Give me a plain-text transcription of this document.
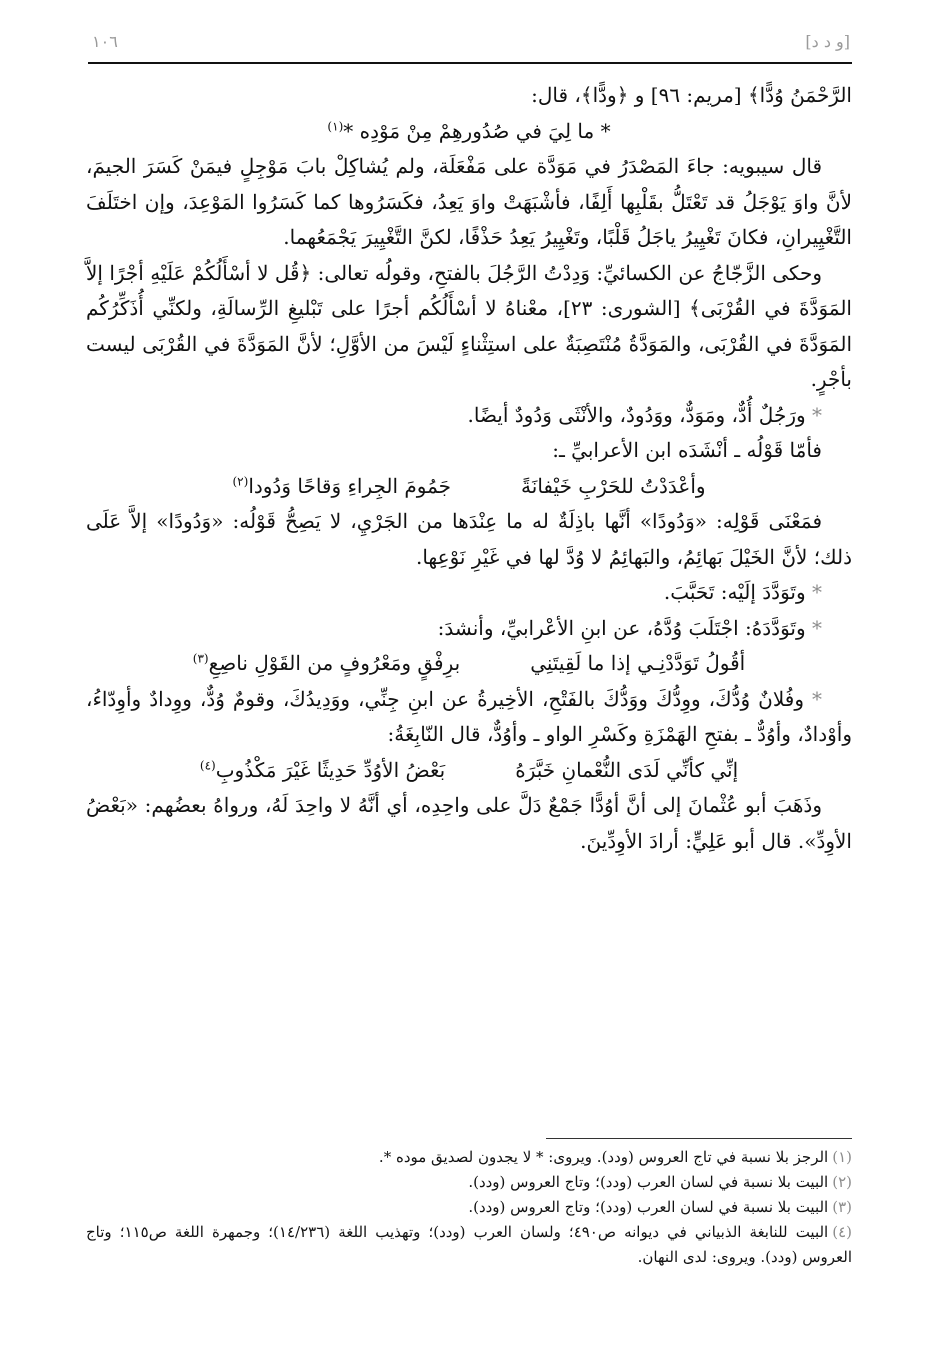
[و د د]
١٠٦

الرَّحْمَنُ وُدًّا﴾ [مريم: ٩٦] و ﴿ودًّا﴾، قال:

* ما لِيَ في صُدُورهِمْ مِنْ مَوْدِه *$^{(١)}$

قال سيبويه: جاءَ المَصْدَرُ في مَوَدَّة على مَفْعَلَة، ولم يُشاكِلْ بابَ مَوْجِلٍ فيمَنْ كَسَرَ الجيمَ، لأنَّ واوَ يَوْجَلُ قد تَعْتَلُّ بقَلْبِها أَلِفًا، فأشْبَهَتْ واوَ يَعِدُ، فكَسَرُوها كما كَسَرُوا المَوْعِدَ، وإن اختَلَفَ التَّغْيِيرانِ، فكانَ تَغْيِيرُ ياجَلُ قَلْبًا، وتَغْيِيرُ يَعِدُ حَذْفًا، لكنَّ التَّغْيِيرَ يَجْمَعُهما.

وحكى الزَّجّاجُ عن الكسائيِّ: وَدِدْتُ الرَّجُلَ بالفتحِ، وقولُه تعالى: ﴿قُل لا أسْأَلُكُمْ عَلَيْهِ أجْرًا إلاَّ المَوَدَّةَ في القُرْبَى﴾ [الشورى: ٢٣]، معْناهُ لا أسْأَلُكُم أجرًا على تَبْليغِ الرِّسالَةِ، ولكنِّي أُذَكِّرُكُم المَوَدَّةَ في القُرْبَى، والمَوَدَّةُ مُنْتَصِبَةٌ على استِثْناءٍ لَيْسَ من الأوَّلِ؛ لأنَّ المَوَدَّةَ في القُرْبَى ليست بأجْرٍ.

* ورَجُلٌ أُدٌّ، ومَوَدٌّ، ووَدُودٌ، والأنْثَى وَدُودٌ أيضًا.

فأمّا قَوْلُه ـ أنْشَدَه ابن الأعرابيِّ ـ:

وأعْدَدْتُ للحَرْبِ خَيْفانَةً
جَمُومَ الجِراءِ وَقاحًا وَدُودا$^{(٢)}$

فمَعْنَى قَوْلِه: «وَدُودًا» أنَّها باذِلَةٌ له ما عِنْدَها من الجَرْيِ، لا يَصِحُّ قَوْلُه: «وَدُودًا» إلاَّ عَلَى ذلك؛ لأنَّ الخَيْلَ بَهائِمُ، والبَهائِمُ لا وُدَّ لها في غَيْرِ نَوْعِها.

* وتَوَدَّدَ إلَيْه: تَحَبَّبَ.

* وتَوَدَّدَهُ: اجْتَلَبَ وُدَّهُ، عن ابنِ الأعْرابيِّ، وأنشدَ:

أقُولُ تَوَدَّدْنِـي إذا ما لَقِيتَنِي
برِفْقٍ ومَعْرُوفٍ من القَوْلِ ناصِعِ$^{(٣)}$

* وفُلانٌ وُدُّكَ، ووِدُّكَ ووَدُّكَ بالفَتْحِ، الأخِيرةُ عن ابنِ جِنِّي، ووَدِيدُكَ، وقومٌ وُدٌّ، ووِدادٌ وأوِدّاءُ، وأوْدادٌ، وأوُدٌّ ـ بفتحِ الهَمْزَةِ وكَسْرِ الواو ـ وأوُدٌّ، قال النّابِغَةُ:

إنِّي كأنِّي لَدَى النُّعْمانِ خَبَّرَهُ
بَعْضُ الأوُدِّ حَدِيثًا غَيْرَ مَكْذُوبِ$^{(٤)}$

وذَهَبَ أبو عُثْمانَ إلى أنَّ أوُدًّا جَمْعٌ دَلَّ على واحِدِه، أي أنَّهُ لا واحِدَ لَهُ، ورواهُ بعضُهم: «بَعْضُ الأوِدِّ». قال أبو عَلِيٍّ: أرادَ الأوِدِّينَ.

(١)الرجز بلا نسبة في تاج العروس (ودد). ويروى: * لا يجدون لصديق موده *.

(٢)البيت بلا نسبة في لسان العرب (ودد)؛ وتاج العروس (ودد).

(٣)البيت بلا نسبة في لسان العرب (ودد)؛ وتاج العروس (ودد).

(٤)البيت للنابغة الذبياني في ديوانه ص٤٩٠؛ ولسان العرب (ودد)؛ وتهذيب اللغة (١٤/٢٣٦)؛ وجمهرة اللغة ص١١٥؛ وتاج العروس (ودد). ويروى: لدى النهان.
